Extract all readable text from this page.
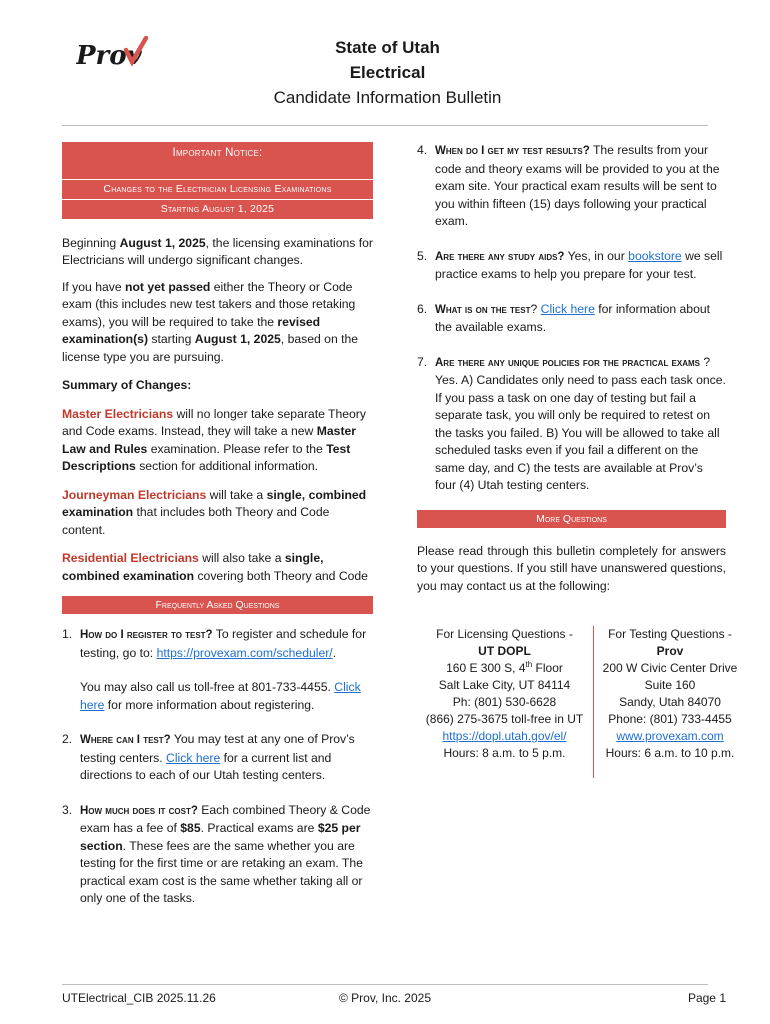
Prov	State of Utah
Electrical
Candidate Information Bulletin
Important Notice:
Changes to the Electrician Licensing Examinations
Starting August 1, 2025

Beginning August 1, 2025, the licensing examinations for Electricians will undergo significant changes.

If you have not yet passed either the Theory or Code exam (this includes new test takers and those retaking exams), you will be required to take the revised examination(s) starting August 1, 2025, based on the license type you are pursuing.

Summary of Changes:

Master Electricians will no longer take separate Theory and Code exams. Instead, they will take a new Master Law and Rules examination. Please refer to the Test Descriptions section for additional information.

Journeyman Electricians will take a single, combined examination that includes both Theory and Code content.

Residential Electricians will also take a single, combined examination covering both Theory and Code

Frequently Asked Questions
1. How do I register to test? To register and schedule for testing, go to: https://provexam.com/scheduler/.

You may also call us toll-free at 801-733-4455. Click here for more information about registering.

2. Where can I test? You may test at any one of Prov’s testing centers. Click here for a current list and directions to each of our Utah testing centers.

3. How much does it cost? Each combined Theory & Code exam has a fee of $85. Practical exams are $25 per section. These fees are the same whether you are testing for the first time or are retaking an exam. The practical exam cost is the same whether taking all or only one of the tasks.

4. When do I get my test results? The results from your code and theory exams will be provided to you at the exam site. Your practical exam results will be sent to you within fifteen (15) days following your practical exam.

5. Are there any study aids? Yes, in our bookstore we sell practice exams to help you prepare for your test.

6. What is on the test? Click here for information about the available exams.

7. Are there any unique policies for the practical exams ? Yes. A) Candidates only need to pass each task once. If you pass a task on one day of testing but fail a separate task, you will only be required to retest on the tasks you failed. B) You will be allowed to take all scheduled tasks even if you fail a different on the same day, and C) the tests are available at Prov’s four (4) Utah testing centers.

More Questions

Please read through this bulletin completely for answers to your questions. If you still have unanswered questions, you may contact us at the following:

For Licensing Questions -
UT DOPL
160 E 300 S, 4th Floor
Salt Lake City, UT 84114
Ph: (801) 530-6628
(866) 275-3675 toll-free in UT
https://dopl.utah.gov/el/
Hours: 8 a.m. to 5 p.m.
For Testing Questions -
Prov
200 W Civic Center Drive
Suite 160
Sandy, Utah 84070
Phone: (801) 733-4455
www.provexam.com
Hours: 6 a.m. to 10 p.m.
UTElectrical_CIB 2025.11.26	© Prov, Inc. 2025	Page 1
